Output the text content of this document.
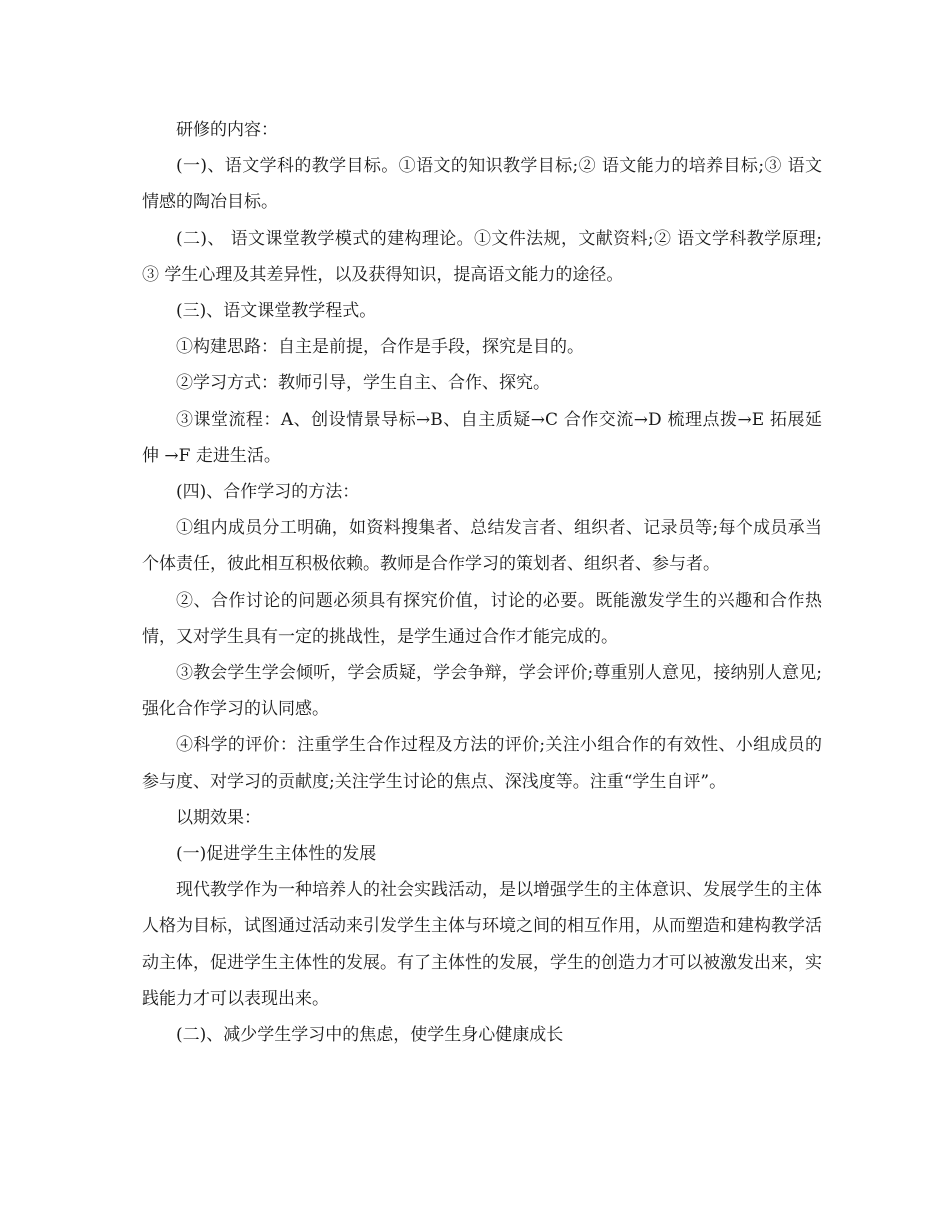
研修的内容：

(一)、语文学科的教学目标。①语文的知识教学目标;② 语文能力的培养目标;③ 语文情感的陶冶目标。

(二)、 语文课堂教学模式的建构理论。①文件法规，文献资料;② 语文学科教学原理;③ 学生心理及其差异性，以及获得知识，提高语文能力的途径。

(三)、语文课堂教学程式。

①构建思路：自主是前提，合作是手段，探究是目的。

②学习方式：教师引导，学生自主、合作、探究。

③课堂流程：A、创设情景导标→B、自主质疑→C 合作交流→D 梳理点拨→E 拓展延伸 →F 走进生活。

(四)、合作学习的方法：

①组内成员分工明确，如资料搜集者、总结发言者、组织者、记录员等;每个成员承当个体责任，彼此相互积极依赖。教师是合作学习的策划者、组织者、参与者。

②、合作讨论的问题必须具有探究价值，讨论的必要。既能激发学生的兴趣和合作热情，又对学生具有一定的挑战性，是学生通过合作才能完成的。

③教会学生学会倾听，学会质疑，学会争辩，学会评价;尊重别人意见，接纳别人意见;强化合作学习的认同感。

④科学的评价：注重学生合作过程及方法的评价;关注小组合作的有效性、小组成员的参与度、对学习的贡献度;关注学生讨论的焦点、深浅度等。注重“学生自评”。

以期效果：

(一)促进学生主体性的发展

现代教学作为一种培养人的社会实践活动，是以增强学生的主体意识、发展学生的主体人格为目标，试图通过活动来引发学生主体与环境之间的相互作用，从而塑造和建构教学活动主体，促进学生主体性的发展。有了主体性的发展，学生的创造力才可以被激发出来，实践能力才可以表现出来。

(二)、减少学生学习中的焦虑，使学生身心健康成长
